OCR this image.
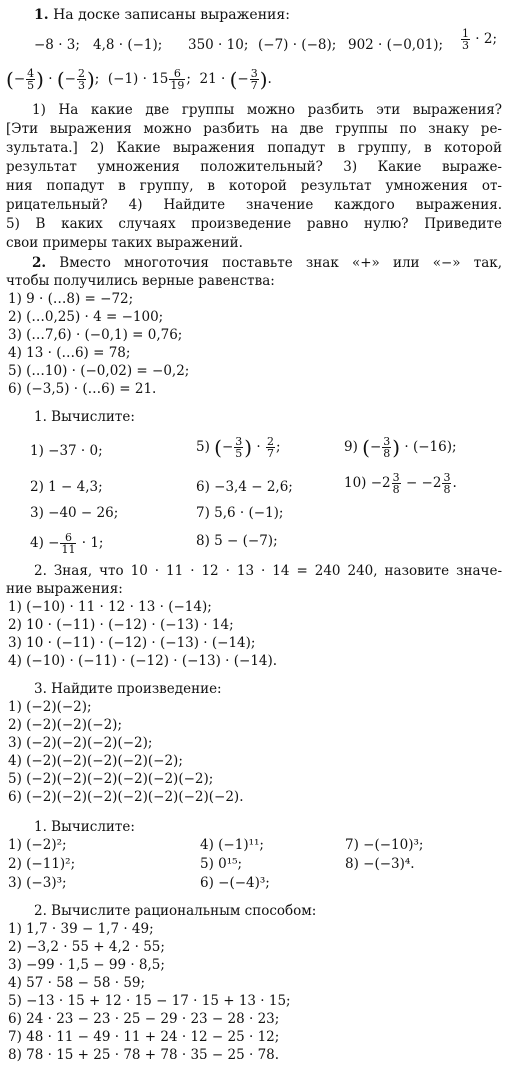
1. На доске записаны выражения:
−8 · 3; 4,8 · (−1); 350 · 10; (−7) · (−8); 902 · (−0,01); $\frac{1}{3} \cdot 2$;
(− $\frac{4}{5}$ ) · (− $\frac{2}{3}$ );  $(-1) \cdot 15 \frac{6}{19}$ ; 21 · (− $\frac{3}{7}$ ).
1) На какие две группы можно разбить эти выражения?
[Эти выражения можно разбить на две группы по знаку ре-
зультата.] 2) Какие выражения попадут в группу, в которой
результат умножения положительный? 3) Какие выраже-
ния попадут в группу, в которой результат умножения от-
рицательный? 4) Найдите значение каждого выражения.
5) В каких случаях произведение равно нулю? Приведите
свои примеры таких выражений.
2. Вместо многоточия поставьте знак «+» или «−» так,
чтобы получились верные равенства:
1) 9 · (…8) = −72;
2) (…0,25) · 4 = −100;
3) (…7,6) · (−0,1) = 0,76;
4) 13 · (…6) = 78;
5) (…10) · (−0,02) = −0,2;
6) (−3,5) · (…6) = 21.
1. Вычислите:
1) −37 · 0;
2) 1 − 4,3;
3) −40 − 26;
$4) - \frac{6}{11} \cdot 1$;
5) (− $\frac{3}{5}$ ) · $\frac{2}{7}$ ;
6) −3,4 − 2,6;
7) 5,6 · (−1);
8) 5 − (−7);
9) (− $\frac{3}{8}$ ) · (−16);
$10) -2 \frac{3}{8} - -2 \frac{3}{8}$ .
2. Зная, что 10 · 11 · 12 · 13 · 14 = 240 240, назовите значе-
ние выражения:
1) (−10) · 11 · 12 · 13 · (−14);
2) 10 · (−11) · (−12) · (−13) · 14;
3) 10 · (−11) · (−12) · (−13) · (−14);
4) (−10) · (−11) · (−12) · (−13) · (−14).
3. Найдите произведение:
1) (−2)(−2);
2) (−2)(−2)(−2);
3) (−2)(−2)(−2)(−2);
4) (−2)(−2)(−2)(−2)(−2);
5) (−2)(−2)(−2)(−2)(−2)(−2);
6) (−2)(−2)(−2)(−2)(−2)(−2)(−2).
1. Вычислите:
1) (−2)²;
2) (−11)²;
3) (−3)³;
4) (−1)¹¹;
5) 0¹⁵;
6) −(−4)³;
7) −(−10)³;
8) −(−3)⁴.
2. Вычислите рациональным способом:
1) 1,7 · 39 − 1,7 · 49;
2) −3,2 · 55 + 4,2 · 55;
3) −99 · 1,5 − 99 · 8,5;
4) 57 · 58 − 58 · 59;
5) −13 · 15 + 12 · 15 − 17 · 15 + 13 · 15;
6) 24 · 23 − 23 · 25 − 29 · 23 − 28 · 23;
7) 48 · 11 − 49 · 11 + 24 · 12 − 25 · 12;
8) 78 · 15 + 25 · 78 + 78 · 35 − 25 · 78.
